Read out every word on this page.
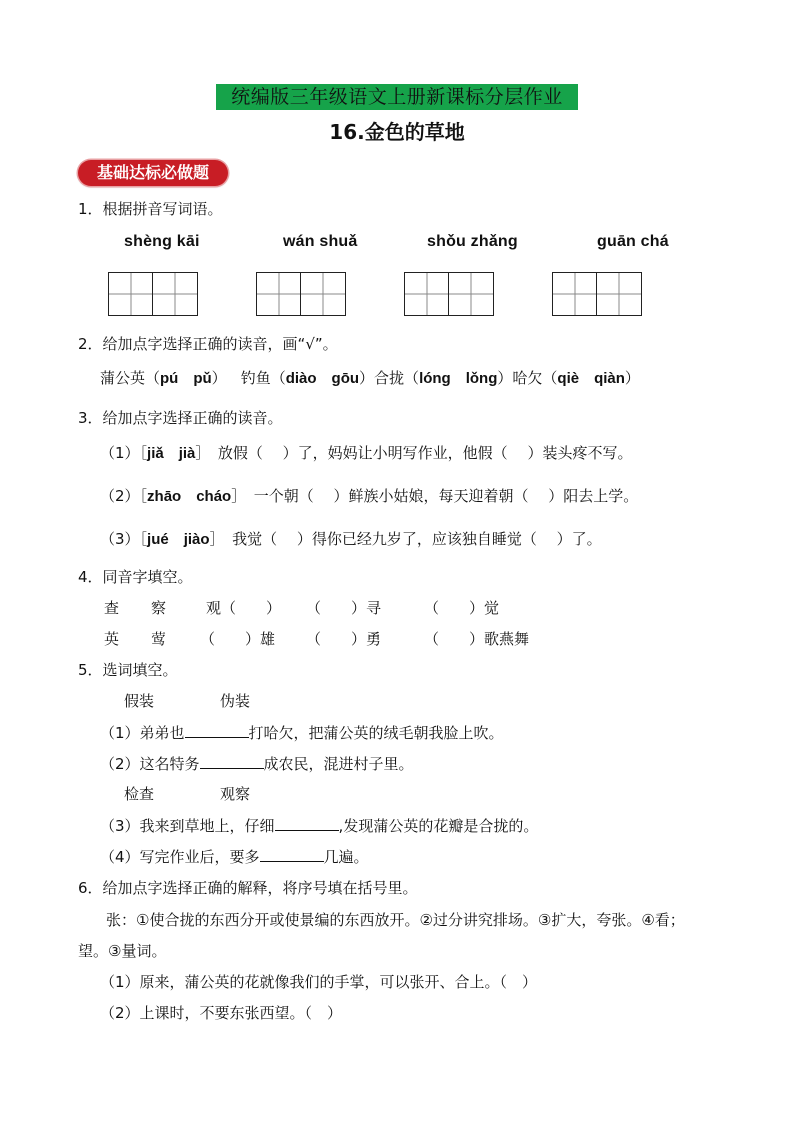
统编版三年级语文上册新课标分层作业
16.金色的草地
基础达标必做题
1．根据拼音写词语。
shèng kāi	wán shuǎ	shǒu zhǎng	guān chá
2．给加点字选择正确的读音，画“√”。
蒲公英（pú　pǔ） 钓鱼（diào　gōu）合拢（lóng　lǒng）哈欠（qiè　qiàn）
3．给加点字选择正确的读音。
（1）［jiǎ　jià］　放假（　 ）了，妈妈让小明写作业，他假（　 ）装头疼不写。
（2）［zhāo　cháo］　一个朝（　 ）鲜族小姑娘，每天迎着朝（　 ）阳去上学。
（3）［jué　jiào］　我觉（　 ）得你已经九岁了，应该独自睡觉（　 ）了。
4．同音字填空。
查 察	观（　　） （　　）寻	（　　）觉
英 莺 （　　）雄 （　　）勇	（　　）歌燕舞
5．选词填空。
假装	伪装
（1）弟弟也	打哈欠，把蒲公英的绒毛朝我脸上吹。
（2）这名特务	成农民，混进村子里。
检查	观察
（3）我来到草地上，仔细	,发现蒲公英的花瓣是合拢的。
（4）写完作业后，要多	几遍。
6．给加点字选择正确的解释，将序号填在括号里。
张：①使合拢的东西分开或使景编的东西放开。②过分讲究排场。③扩大，夸张。④看；
望。③量词。
（1）原来，蒲公英的花就像我们的手掌，可以张开、合上。（　）
（2）上课时，不要东张西望。（　）
